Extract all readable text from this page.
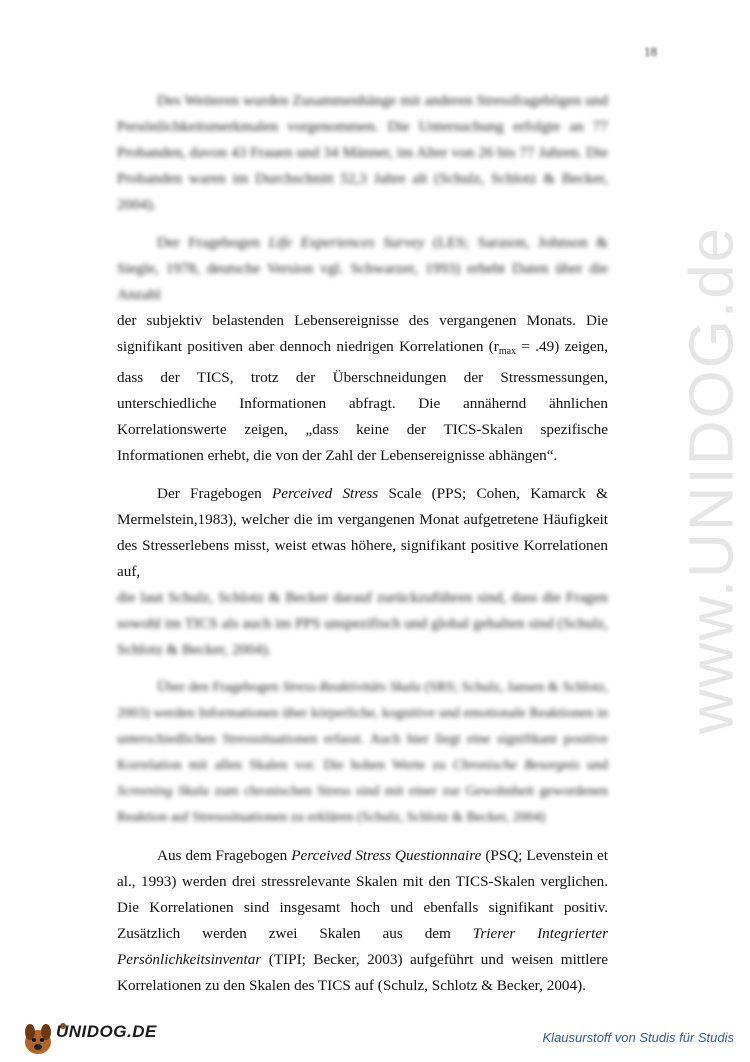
18
www.UNIDOG.de

Des Weiteren wurden Zusammenhänge mit anderen Stressfragebögen und Persönlichkeitsmerkmalen vorgenommen. Die Untersuchung erfolgte an 77 Probanden, davon 43 Frauen und 34 Männer, im Alter von 26 bis 77 Jahren. Die Probanden waren im Durchschnitt 52,3 Jahre alt (Schulz, Schlotz & Becker, 2004).

Der Fragebogen Life Experiences Survey (LES; Sarason, Johnson & Siegle, 1978, deutsche Version vgl. Schwarzer, 1993) erhebt Daten über die Anzahl

der subjektiv belastenden Lebensereignisse des vergangenen Monats. Die signifikant positiven aber dennoch niedrigen Korrelationen $(r_{max} = .49)$ zeigen, dass der TICS, trotz der Überschneidungen der Stressmessungen, unterschiedliche Informationen abfragt. Die annähernd ähnlichen Korrelationswerte zeigen, „dass keine der TICS-Skalen spezifische Informationen erhebt, die von der Zahl der Lebensereignisse abhängen“.

Der Fragebogen Perceived Stress Scale (PPS; Cohen, Kamarck & Mermelstein,1983), welcher die im vergangenen Monat aufgetretene Häufigkeit des Stresserlebens misst, weist etwas höhere, signifikant positive Korrelationen auf,

die laut Schulz, Schlotz & Becker darauf zurückzuführen sind, dass die Fragen sowohl im TICS als auch im PPS unspezifisch und global gehalten sind (Schulz, Schlotz & Becker, 2004).

Über den Fragebogen Stress-Reaktivitäts Skala (SRS; Schulz, Jansen & Schlotz, 2003) werden Informationen über körperliche, kognitive und emotionale Reaktionen in unterschiedlichen Stresssituationen erfasst. Auch hier liegt eine signifikant positive Korrelation mit allen Skalen vor. Die hohen Werte zu Chronische Besorgnis und Screening Skala zum chronischen Stress sind mit einer zur Gewohnheit gewordenen Reaktion auf Stresssituationen zu erklären (Schulz, Schlotz & Becker, 2004)

Aus dem Fragebogen Perceived Stress Questionnaire (PSQ; Levenstein et al., 1993) werden drei stressrelevante Skalen mit den TICS-Skalen verglichen. Die Korrelationen sind insgesamt hoch und ebenfalls signifikant positiv. Zusätzlich werden zwei Skalen aus dem Trierer Integrierter Persönlichkeitsinventar (TIPI; Becker, 2003) aufgeführt und weisen mittlere Korrelationen zu den Skalen des TICS auf (Schulz, Schlotz & Becker, 2004).

UNIDOG.DE	Klausurstoff von Studis für Studis
